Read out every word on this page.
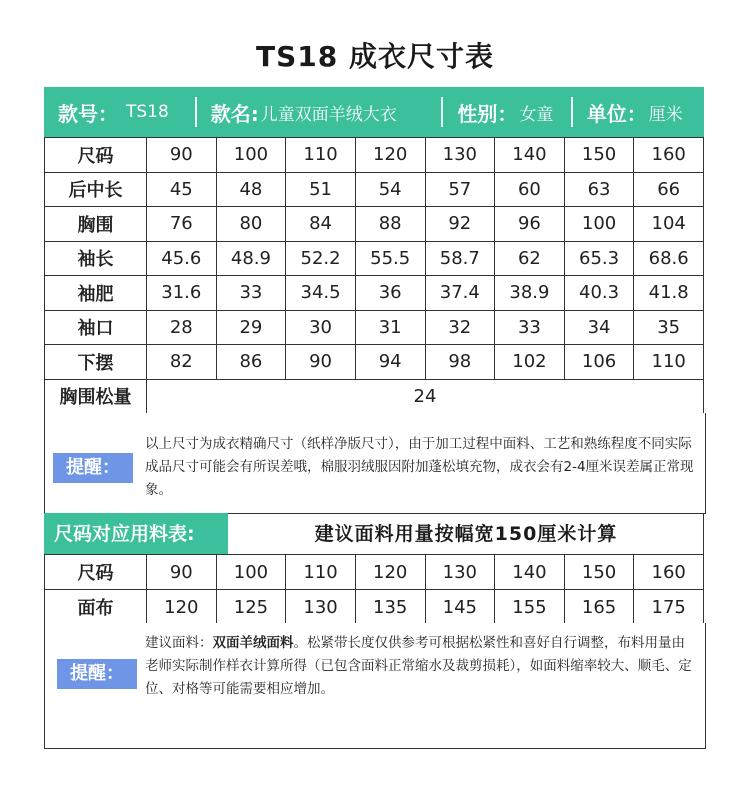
TS18 成衣尺寸表
款号： TS18 款名: 儿童双面羊绒大衣	性别： 女童 单位： 厘米
尺码	90	100	110	120	130	140	150	160
后中长	45	48	51	54	57	60	63	66
胸围	76	80	84	88	92	96	100	104
袖长	45.6	48.9	52.2	55.5	58.7	62	65.3	68.6
袖肥	31.6	33	34.5	36	37.4	38.9	40.3	41.8
袖口	28	29	30	31	32	33	34	35
下摆	82	86	90	94	98	102	106	110
胸围松量	24							
提醒：
以上尺寸为成衣精确尺寸（纸样净版尺寸），由于加工过程中面料、工艺和熟练程度不同实际成品尺寸可能会有所误差哦，棉服羽绒服因附加蓬松填充物，成衣会有2-4厘米误差属正常现象。
尺码对应用料表:	建议面料用量按幅宽150厘米计算
尺码	90	100	110	120	130	140	150	160
面布	120	125	130	135	145	155	165	175
提醒：
建议面料：双面羊绒面料。松紧带长度仅供参考可根据松紧性和喜好自行调整，布料用量由老师实际制作样衣计算所得（已包含面料正常缩水及裁剪损耗），如面料缩率较大、顺毛、定位、对格等可能需要相应增加。
